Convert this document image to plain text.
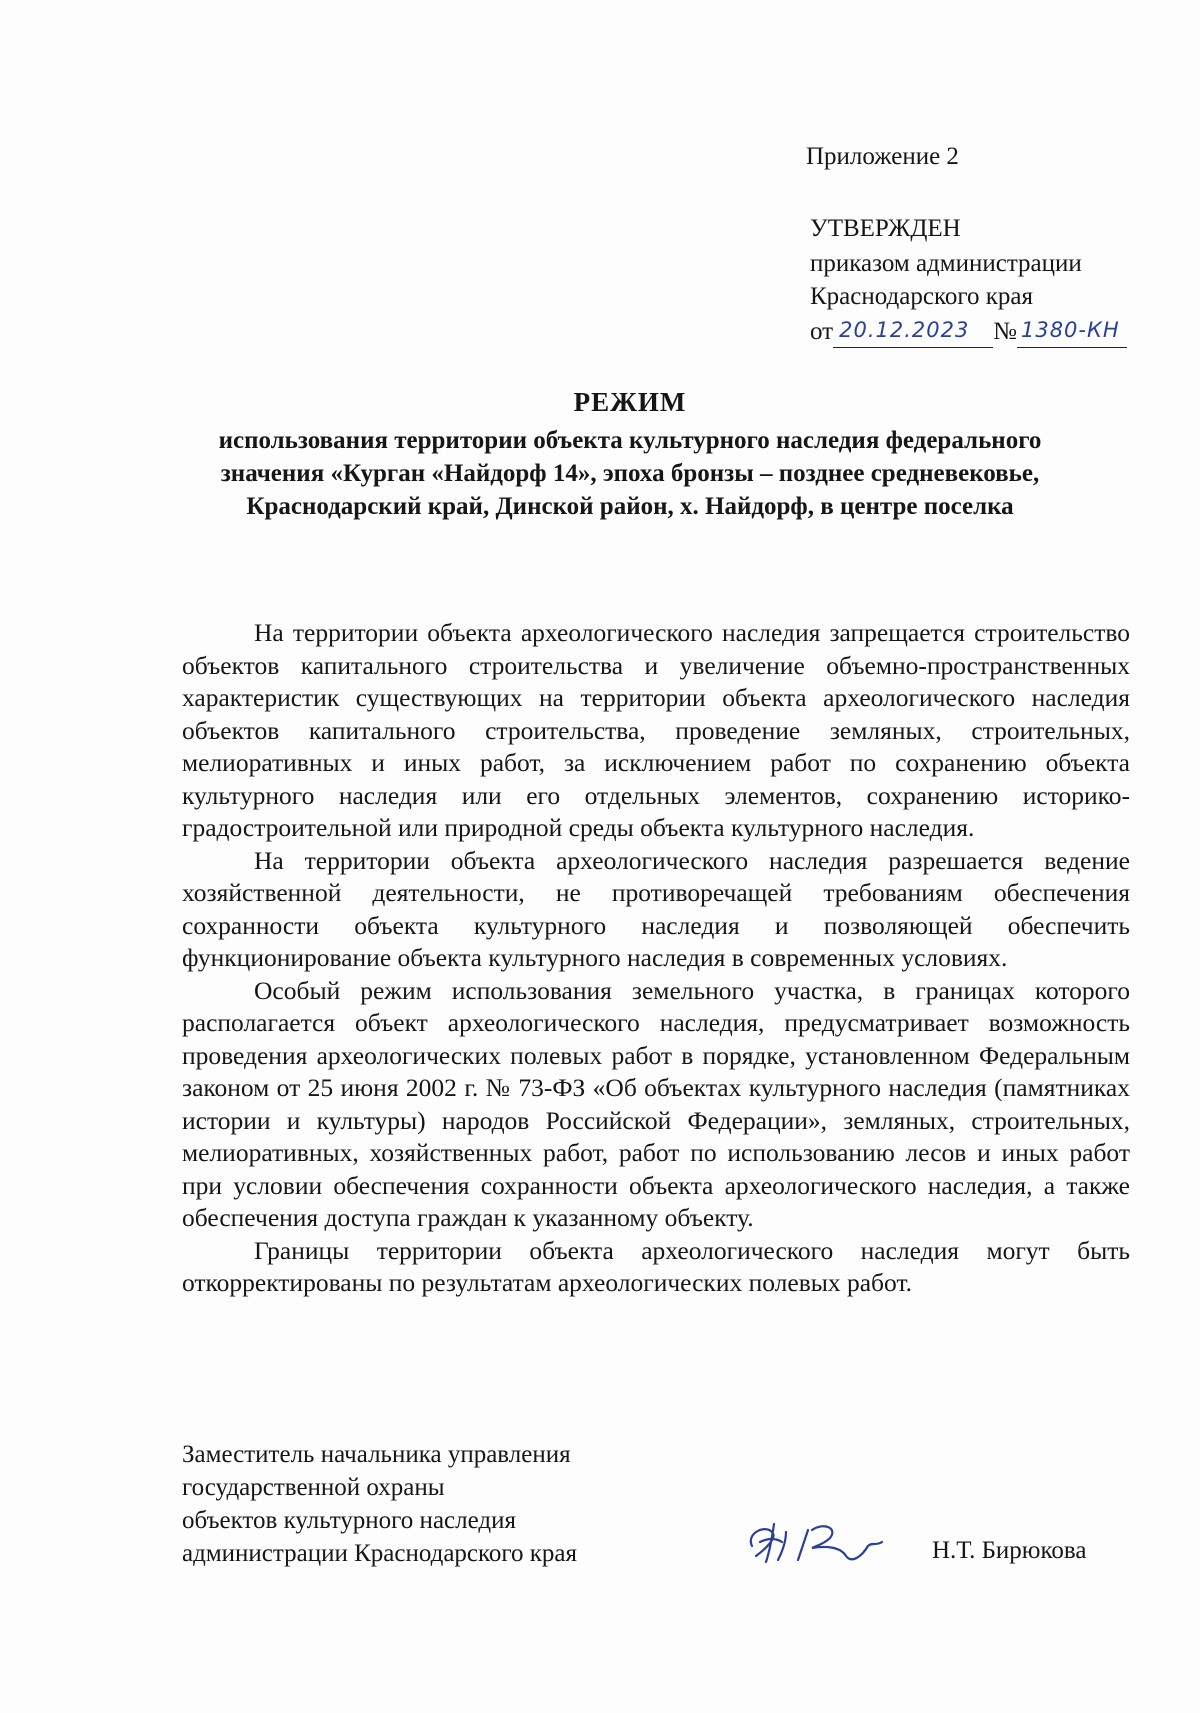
Приложение 2
УТВЕРЖДЕН
приказом администрации
Краснодарского края
от 20.12.2023 № 1380-КН
РЕЖИМ
использования территории объекта культурного наследия федерального
значения «Курган «Найдорф 14», эпоха бронзы – позднее средневековье,
Краснодарский край, Динской район, х. Найдорф, в центре поселка

На территории объекта археологического наследия запрещается строительство объектов капитального строительства и увеличение объемно-пространственных характеристик существующих на территории объекта археологического наследия объектов капитального строительства, проведение земляных, строительных, мелиоративных и иных работ, за исключением работ по сохранению объекта культурного наследия или его отдельных элементов, сохранению историко-градостроительной или природной среды объекта культурного наследия.

На территории объекта археологического наследия разрешается ведение хозяйственной деятельности, не противоречащей требованиям обеспечения сохранности объекта культурного наследия и позволяющей обеспечить функционирование объекта культурного наследия в современных условиях.

Особый режим использования земельного участка, в границах которого располагается объект археологического наследия, предусматривает возможность проведения археологических полевых работ в порядке, установленном Федеральным законом от 25 июня 2002 г. № 73-ФЗ «Об объектах культурного наследия (памятниках истории и культуры) народов Российской Федерации», земляных, строительных, мелиоративных, хозяйственных работ, работ по использованию лесов и иных работ при условии обеспечения сохранности объекта археологического наследия, а также обеспечения доступа граждан к указанному объекту.

Границы территории объекта археологического наследия могут быть откорректированы по результатам археологических полевых работ.

Заместитель начальника управления
государственной охраны
объектов культурного наследия
администрации Краснодарского края	Н.Т. Бирюкова
